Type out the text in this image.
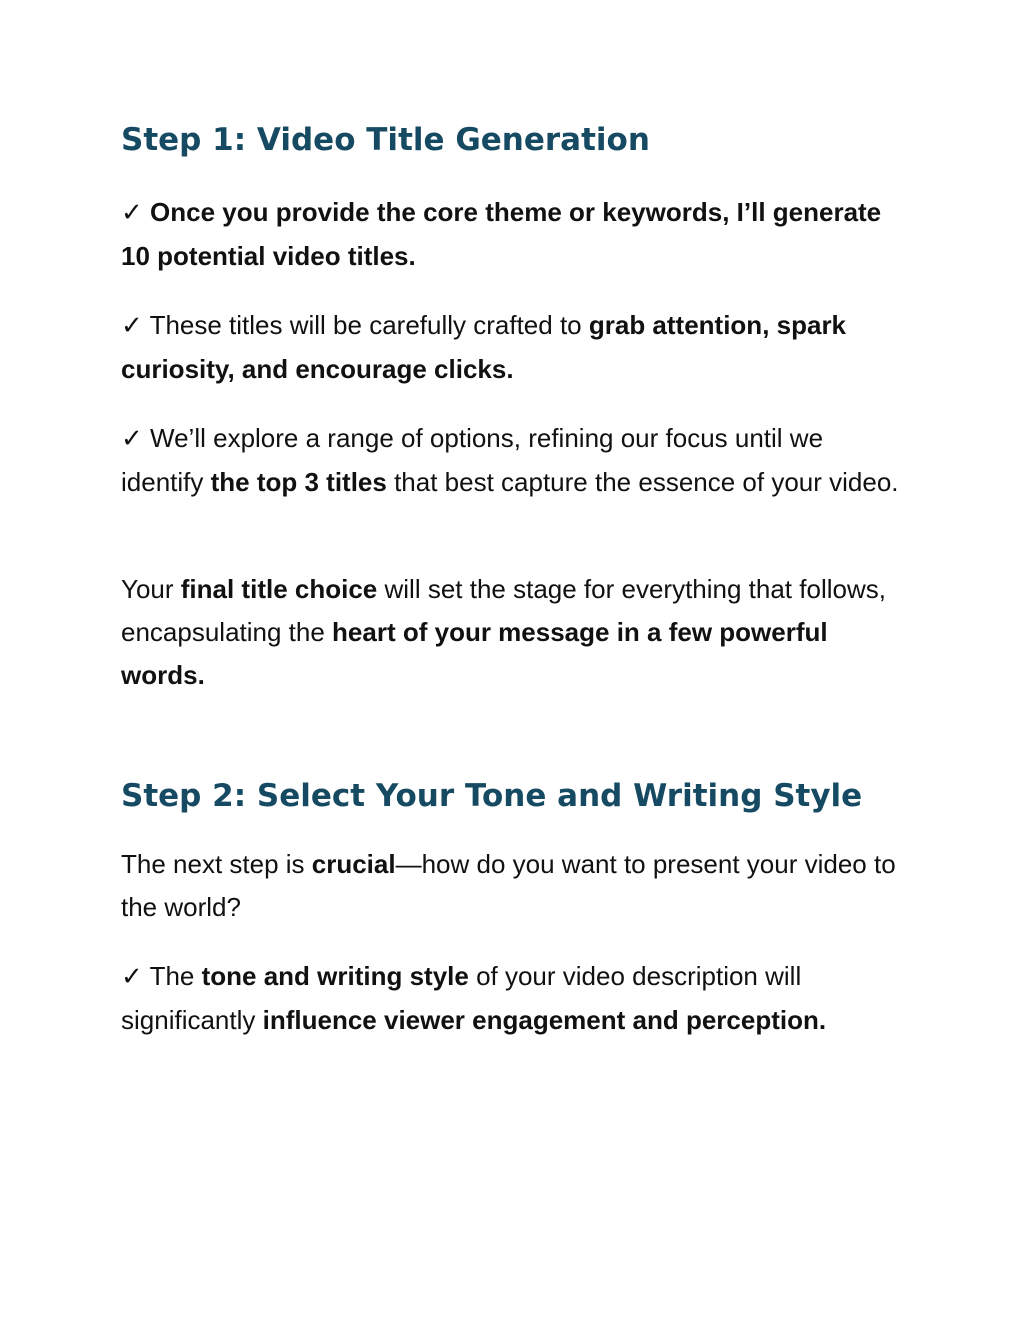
Step 1: Video Title Generation

✓ Once you provide the core theme or keywords, I’ll generate 10 potential video titles.

✓ These titles will be carefully crafted to grab attention, spark curiosity, and encourage clicks.

✓ We’ll explore a range of options, refining our focus until we identify the top 3 titles that best capture the essence of your video.

Your final title choice will set the stage for everything that follows, encapsulating the heart of your message in a few powerful words.

Step 2: Select Your Tone and Writing Style

The next step is crucial—how do you want to present your video to the world?

✓ The tone and writing style of your video description will significantly influence viewer engagement and perception.
